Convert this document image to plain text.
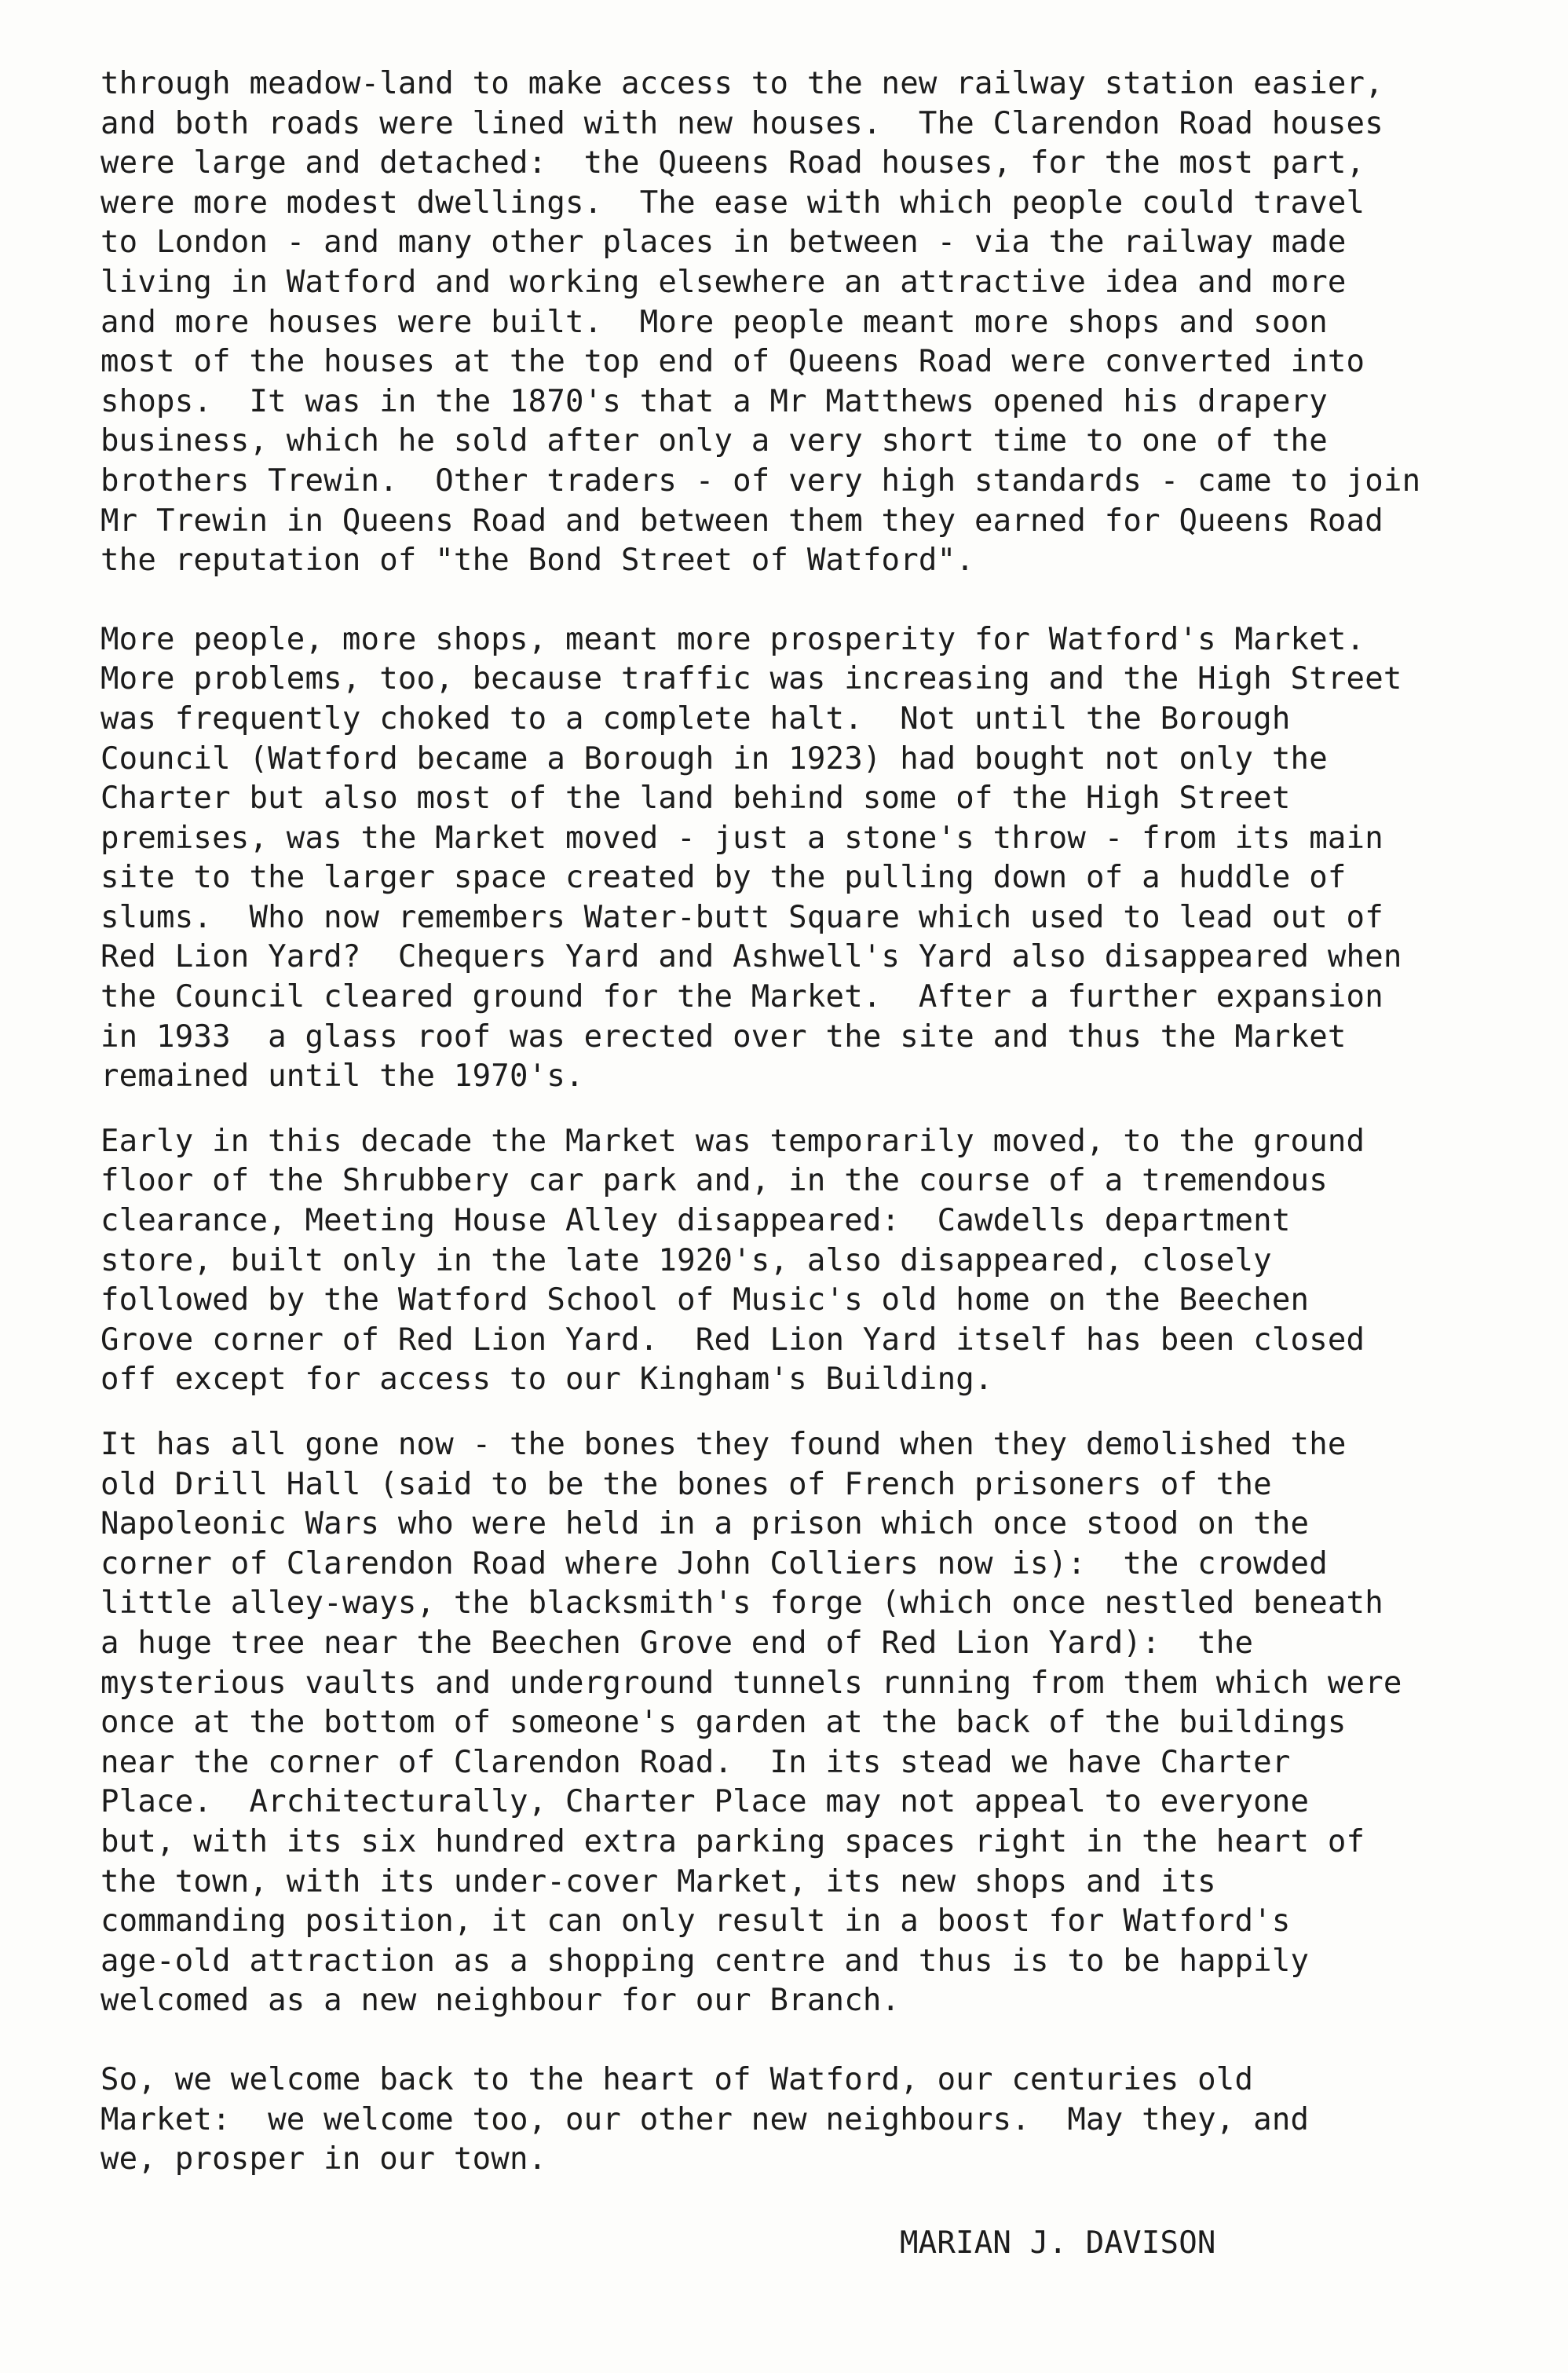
through meadow-land to make access to the new railway station easier,
and both roads were lined with new houses.  The Clarendon Road houses
were large and detached:  the Queens Road houses, for the most part,
were more modest dwellings.  The ease with which people could travel
to London - and many other places in between - via the railway made
living in Watford and working elsewhere an attractive idea and more
and more houses were built.  More people meant more shops and soon
most of the houses at the top end of Queens Road were converted into
shops.  It was in the 1870's that a Mr Matthews opened his drapery
business, which he sold after only a very short time to one of the
brothers Trewin.  Other traders - of very high standards - came to join
Mr Trewin in Queens Road and between them they earned for Queens Road
the reputation of "the Bond Street of Watford".

More people, more shops, meant more prosperity for Watford's Market.
More problems, too, because traffic was increasing and the High Street
was frequently choked to a complete halt.  Not until the Borough
Council (Watford became a Borough in 1923) had bought not only the
Charter but also most of the land behind some of the High Street
premises, was the Market moved - just a stone's throw - from its main
site to the larger space created by the pulling down of a huddle of
slums.  Who now remembers Water-butt Square which used to lead out of
Red Lion Yard?  Chequers Yard and Ashwell's Yard also disappeared when
the Council cleared ground for the Market.  After a further expansion
in 1933  a glass roof was erected over the site and thus the Market
remained until the 1970's.

Early in this decade the Market was temporarily moved, to the ground
floor of the Shrubbery car park and, in the course of a tremendous
clearance, Meeting House Alley disappeared:  Cawdells department
store, built only in the late 1920's, also disappeared, closely
followed by the Watford School of Music's old home on the Beechen
Grove corner of Red Lion Yard.  Red Lion Yard itself has been closed
off except for access to our Kingham's Building.

It has all gone now - the bones they found when they demolished the
old Drill Hall (said to be the bones of French prisoners of the
Napoleonic Wars who were held in a prison which once stood on the
corner of Clarendon Road where John Colliers now is):  the crowded
little alley-ways, the blacksmith's forge (which once nestled beneath
a huge tree near the Beechen Grove end of Red Lion Yard):  the
mysterious vaults and underground tunnels running from them which were
once at the bottom of someone's garden at the back of the buildings
near the corner of Clarendon Road.  In its stead we have Charter
Place.  Architecturally, Charter Place may not appeal to everyone
but, with its six hundred extra parking spaces right in the heart of
the town, with its under-cover Market, its new shops and its
commanding position, it can only result in a boost for Watford's
age-old attraction as a shopping centre and thus is to be happily
welcomed as a new neighbour for our Branch.

So, we welcome back to the heart of Watford, our centuries old
Market:  we welcome too, our other new neighbours.  May they, and
we, prosper in our town.

MARIAN J. DAVISON
